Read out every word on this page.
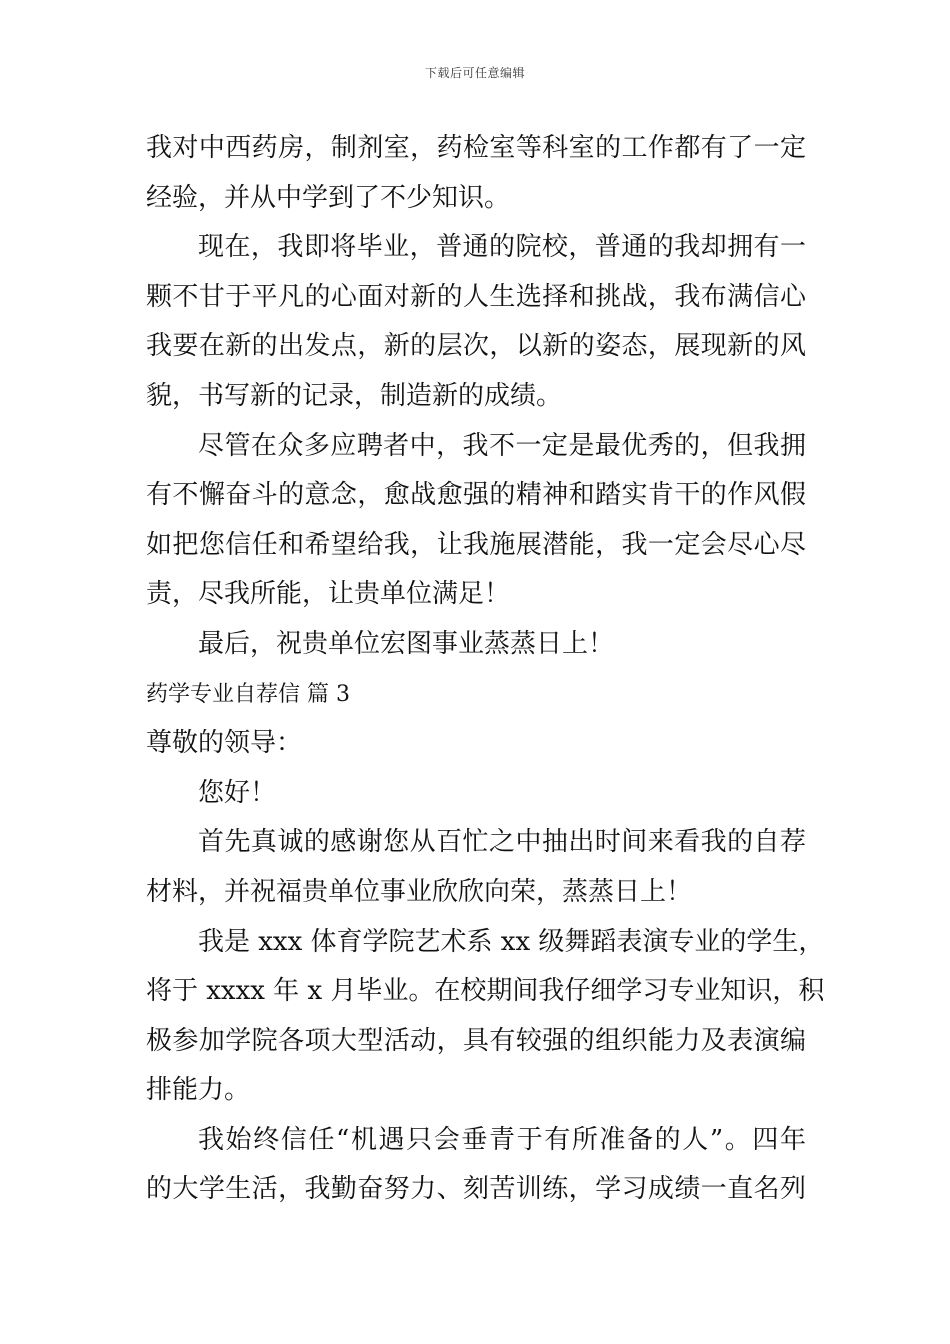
下载后可任意编辑
我对中西药房，制剂室，药检室等科室的工作都有了一定
经验，并从中学到了不少知识。
现在，我即将毕业，普通的院校，普通的我却拥有一
颗不甘于平凡的心面对新的人生选择和挑战，我布满信心
我要在新的出发点，新的层次，以新的姿态，展现新的风
貌，书写新的记录，制造新的成绩。
尽管在众多应聘者中，我不一定是最优秀的，但我拥
有不懈奋斗的意念，愈战愈强的精神和踏实肯干的作风假
如把您信任和希望给我，让我施展潜能，我一定会尽心尽
责，尽我所能，让贵单位满足！
最后，祝贵单位宏图事业蒸蒸日上！
药学专业自荐信 篇 3
尊敬的领导：
您好！
首先真诚的感谢您从百忙之中抽出时间来看我的自荐
材料，并祝福贵单位事业欣欣向荣，蒸蒸日上！
我是 xxx 体育学院艺术系 xx 级舞蹈表演专业的学生，
将于 xxxx 年 x 月毕业。在校期间我仔细学习专业知识，积
极参加学院各项大型活动，具有较强的组织能力及表演编
排能力。
我始终信任“机遇只会垂青于有所准备的人”。四年
的大学生活，我勤奋努力、刻苦训练，学习成绩一直名列
